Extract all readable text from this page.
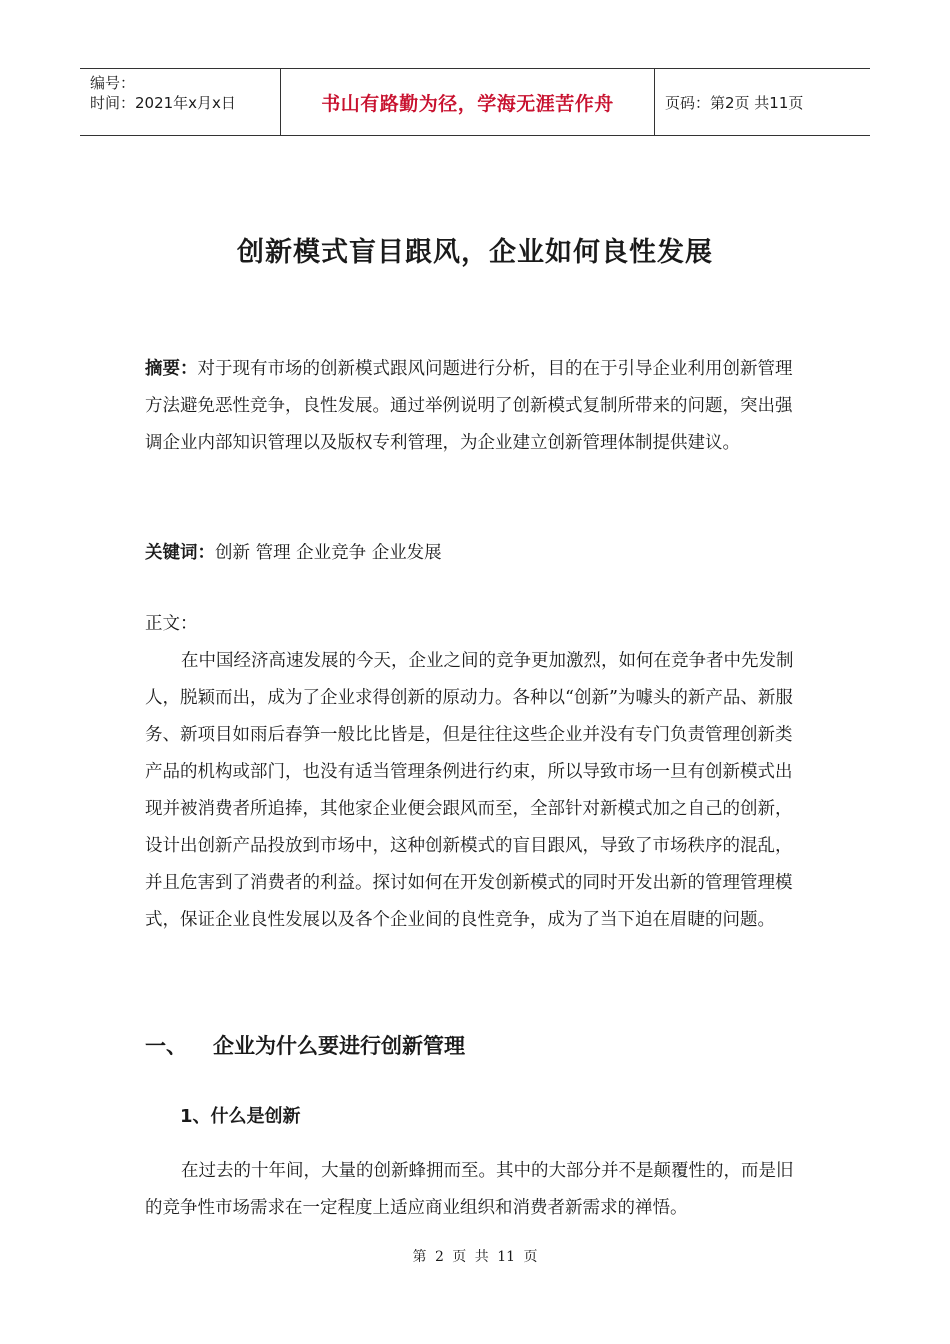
编号：
时间：2021年x月x日	书山有路勤为径，学海无涯苦作舟	页码：第2页 共11页
创新模式盲目跟风，企业如何良性发展
摘要：对于现有市场的创新模式跟风问题进行分析，目的在于引导企业利用创新管理方法避免恶性竞争，良性发展。通过举例说明了创新模式复制所带来的问题，突出强调企业内部知识管理以及版权专利管理，为企业建立创新管理体制提供建议。
关键词：创新 管理 企业竞争 企业发展
正文：
在中国经济高速发展的今天，企业之间的竞争更加激烈，如何在竞争者中先发制人，脱颖而出，成为了企业求得创新的原动力。各种以“创新”为噱头的新产品、新服务、新项目如雨后春笋一般比比皆是，但是往往这些企业并没有专门负责管理创新类产品的机构或部门，也没有适当管理条例进行约束，所以导致市场一旦有创新模式出现并被消费者所追捧，其他家企业便会跟风而至，全部针对新模式加之自己的创新，设计出创新产品投放到市场中，这种创新模式的盲目跟风，导致了市场秩序的混乱，并且危害到了消费者的利益。探讨如何在开发创新模式的同时开发出新的管理管理模式，保证企业良性发展以及各个企业间的良性竞争，成为了当下迫在眉睫的问题。
一、 企业为什么要进行创新管理
1、什么是创新
在过去的十年间，大量的创新蜂拥而至。其中的大部分并不是颠覆性的，而是旧的竞争性市场需求在一定程度上适应商业组织和消费者新需求的禅悟。
第 2 页 共 11 页
